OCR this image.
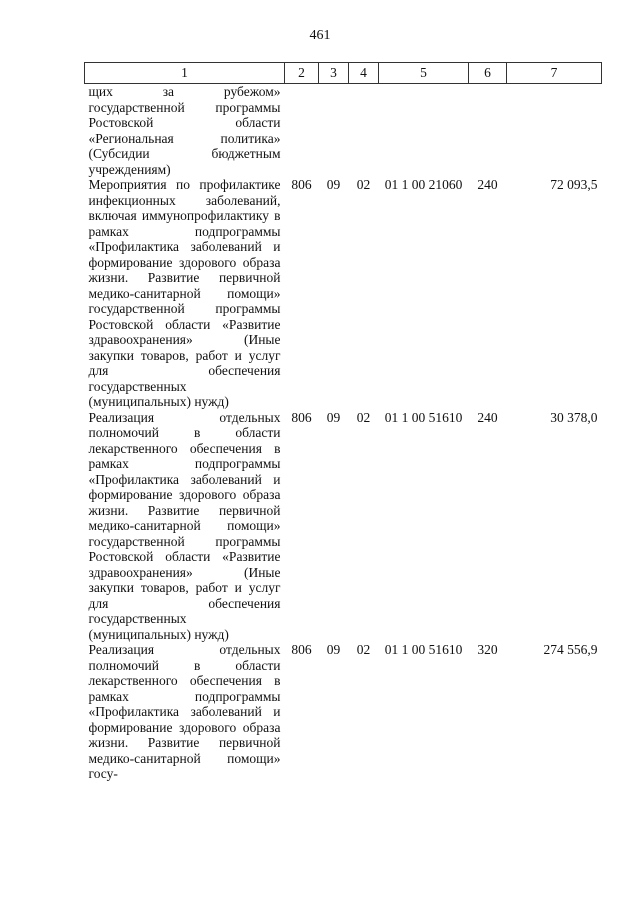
461
1	2	3	4	5	6	7
щих за рубежом» государственной программы Ростовской области «Региональная политика» (Субсидии бюджетным учреждениям)						
Мероприятия по профилактике инфекционных заболеваний, включая иммунопрофилактику в рамках подпрограммы «Профилактика заболеваний и формирование здорового образа жизни. Развитие первичной медико-санитарной помощи» государственной программы Ростовской области «Развитие здравоохранения» (Иные закупки товаров, работ и услуг для обеспечения государственных (муниципальных) нужд)	806	09	02	01 1 00 21060	240	72 093,5
Реализация отдельных полномочий в области лекарственного обеспечения в рамках подпрограммы «Профилактика заболеваний и формирование здорового образа жизни. Развитие первичной медико-санитарной помощи» государственной программы Ростовской области «Развитие здравоохранения» (Иные закупки товаров, работ и услуг для обеспечения государственных (муниципальных) нужд)	806	09	02	01 1 00 51610	240	30 378,0
Реализация отдельных полномочий в области лекарственного обеспечения в рамках подпрограммы «Профилактика заболеваний и формирование здорового образа жизни. Развитие первичной медико-санитарной помощи» госу-	806	09	02	01 1 00 51610	320	274 556,9
